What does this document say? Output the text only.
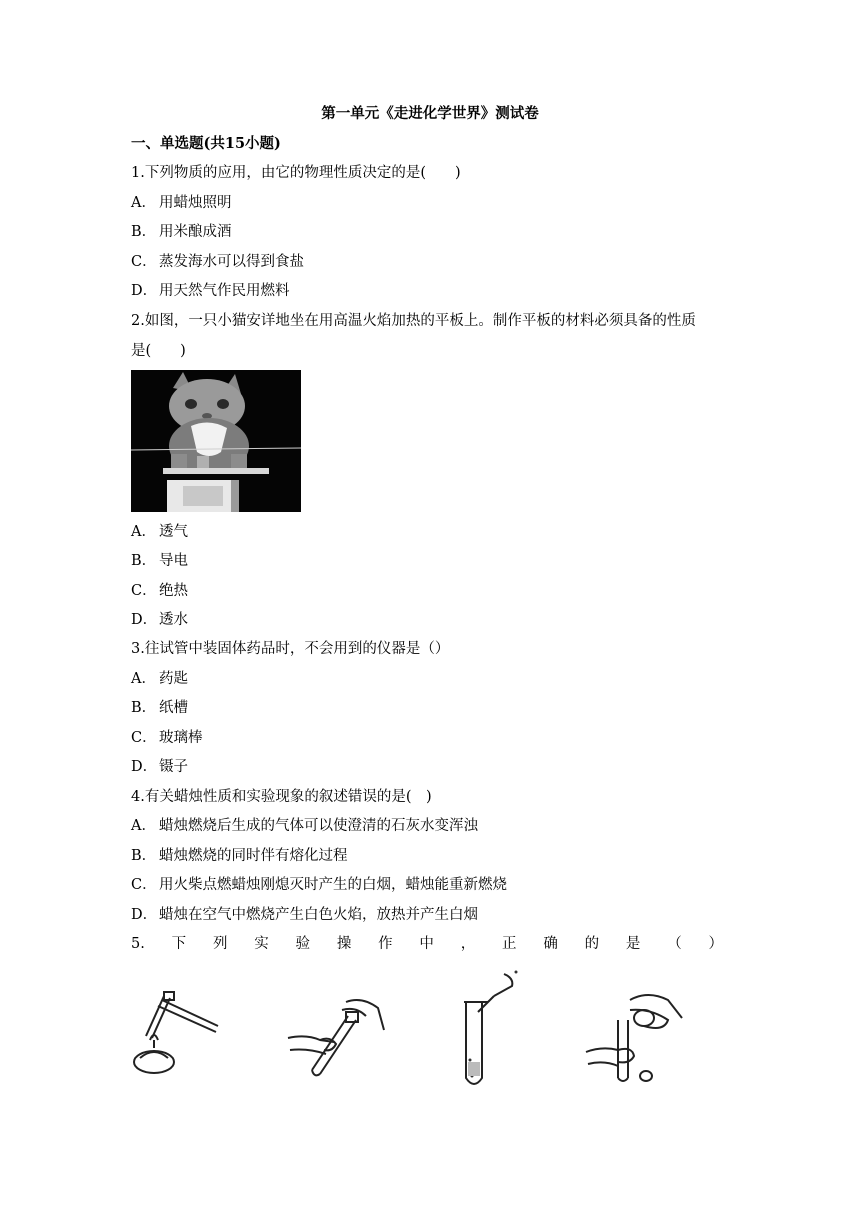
第一单元《走进化学世界》测试卷
一、单选题(共15小题)
1.下列物质的应用，由它的物理性质决定的是(　　)
A． 用蜡烛照明
B． 用米酿成酒
C． 蒸发海水可以得到食盐
D． 用天然气作民用燃料
2.如图，一只小猫安详地坐在用高温火焰加热的平板上。制作平板的材料必须具备的性质
是(　　)
A． 透气
B． 导电
C． 绝热
D． 透水
3.往试管中装固体药品时，不会用到的仪器是（）
A． 药匙
B． 纸槽
C． 玻璃棒
D． 镊子
4.有关蜡烛性质和实验现象的叙述错误的是(　)
A． 蜡烛燃烧后生成的气体可以使澄清的石灰水变浑浊
B． 蜡烛燃烧的同时伴有熔化过程
C． 用火柴点燃蜡烛刚熄灭时产生的白烟，蜡烛能重新燃烧
D． 蜡烛在空气中燃烧产生白色火焰，放热并产生白烟
5. 下 列 实 验 操 作 中 ， 正 确 的 是 （ ）
